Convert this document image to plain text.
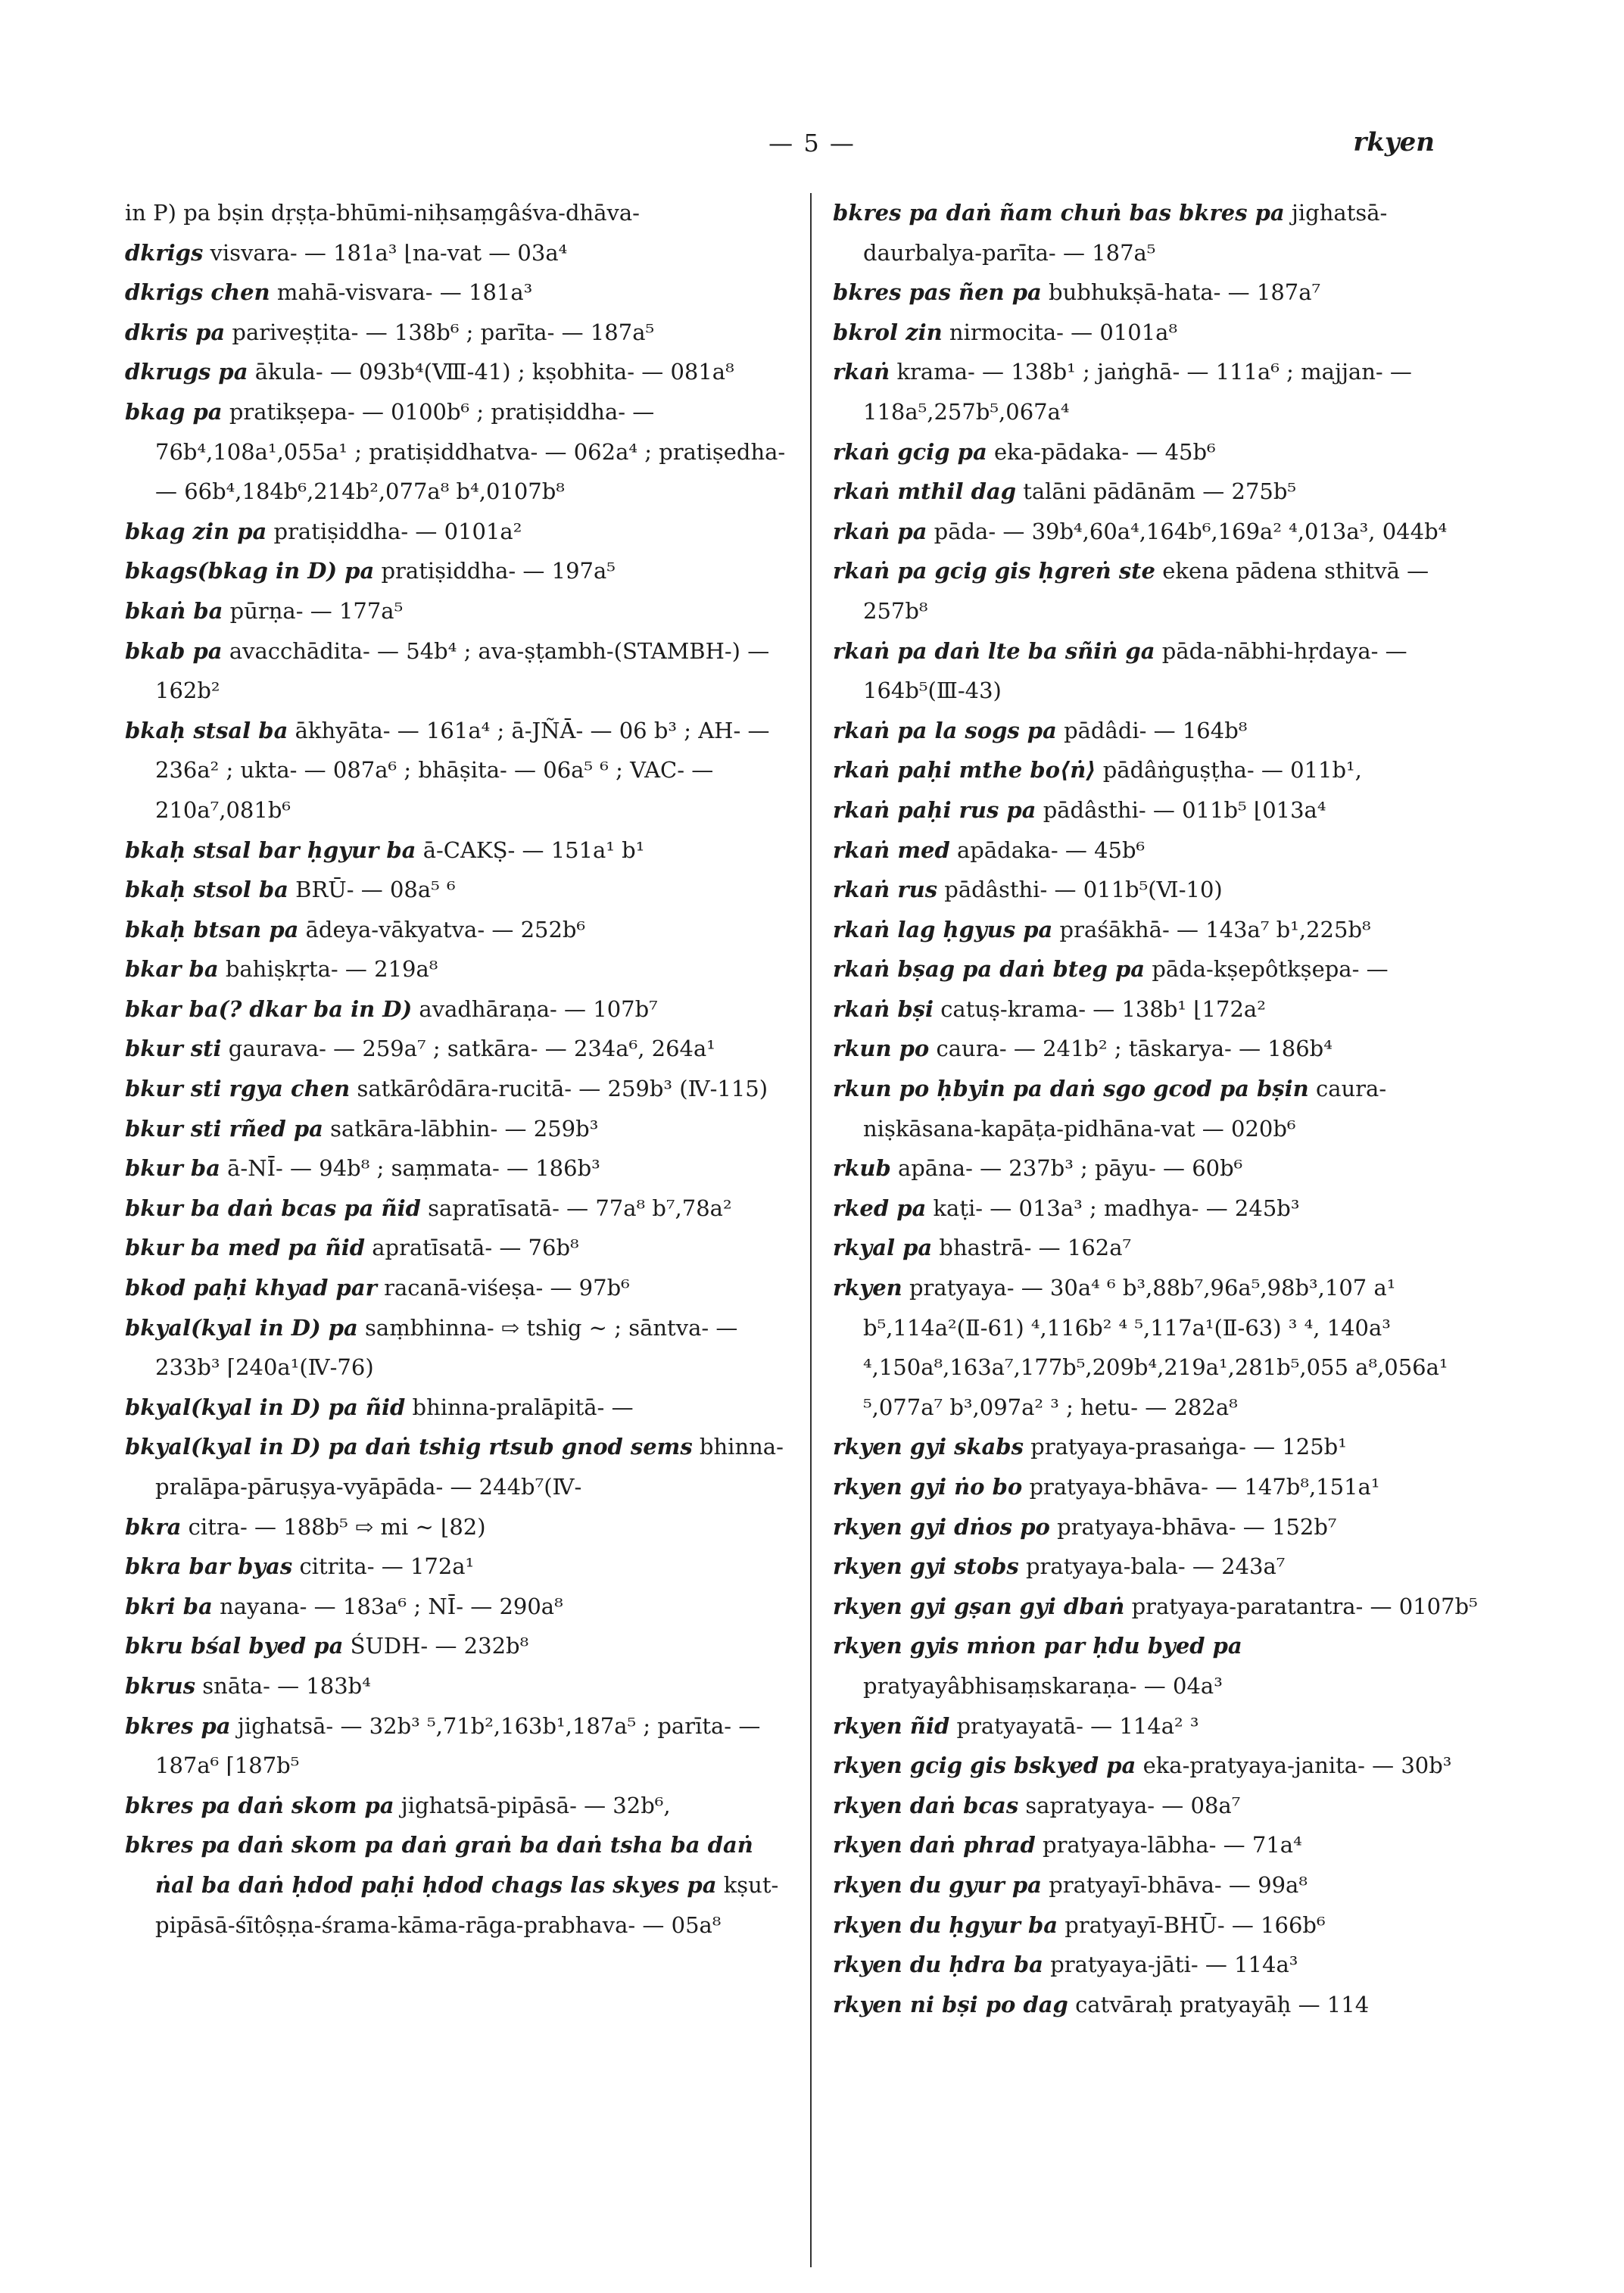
— 5 —	rkyen

in P) pa bṣin dṛṣṭa-bhūmi-niḥsaṃgâśva-dhāva-

dkrigs visvara- — 181a³ ⌊na-vat — 03a⁴

dkrigs chen mahā-visvara- — 181a³

dkris pa pariveṣṭita- — 138b⁶ ; parīta- — 187a⁵

dkrugs pa ākula- — 093b⁴(Ⅷ-41) ; kṣobhita- — 081a⁸

bkag pa pratikṣepa- — 0100b⁶ ; pratiṣiddha- — 76b⁴,108a¹,055a¹ ; pratiṣiddhatva- — 062a⁴ ; pratiṣedha- — 66b⁴,184b⁶,214b²,077a⁸ b⁴,0107b⁸

bkag zin pa pratiṣiddha- — 0101a²

bkags(bkag in D) pa pratiṣiddha- — 197a⁵

bkaṅ ba pūrṇa- — 177a⁵

bkab pa avacchādita- — 54b⁴ ; ava-ṣṭambh-(STAMBH-) — 162b²

bkaḥ stsal ba ākhyāta- — 161a⁴ ; ā-JÑĀ- — 06 b³ ; AH- — 236a² ; ukta- — 087a⁶ ; bhāṣita- — 06a⁵ ⁶ ; VAC- — 210a⁷,081b⁶

bkaḥ stsal bar ḥgyur ba ā-CAKṢ- — 151a¹ b¹

bkaḥ stsol ba BRŪ- — 08a⁵ ⁶

bkaḥ btsan pa ādeya-vākyatva- — 252b⁶

bkar ba bahiṣkṛta- — 219a⁸

bkar ba(? dkar ba in D) avadhāraṇa- — 107b⁷

bkur sti gaurava- — 259a⁷ ; satkāra- — 234a⁶, 264a¹

bkur sti rgya chen satkārôdāra-rucitā- — 259b³ (Ⅳ-115)

bkur sti rñed pa satkāra-lābhin- — 259b³

bkur ba ā-NĪ- — 94b⁸ ; saṃmata- — 186b³

bkur ba daṅ bcas pa ñid sapratīsatā- — 77a⁸ b⁷,78a²

bkur ba med pa ñid apratīsatā- — 76b⁸

bkod paḥi khyad par racanā-viśeṣa- — 97b⁶

bkyal(kyal in D) pa saṃbhinna- ⇨ tshig ∼ ; sāntva- — 233b³ ⌈240a¹(Ⅳ-76)

bkyal(kyal in D) pa ñid bhinna-pralāpitā- —

bkyal(kyal in D) pa daṅ tshig rtsub gnod sems bhinna-pralāpa-pāruṣya-vyāpāda- — 244b⁷(Ⅳ-

bkra citra- — 188b⁵ ⇨ mi ∼ ⌊82)

bkra bar byas citrita- — 172a¹

bkri ba nayana- — 183a⁶ ; NĪ- — 290a⁸

bkru bśal byed pa ŚUDH- — 232b⁸

bkrus snāta- — 183b⁴

bkres pa jighatsā- — 32b³ ⁵,71b²,163b¹,187a⁵ ; parīta- — 187a⁶ ⌈187b⁵

bkres pa daṅ skom pa jighatsā-pipāsā- — 32b⁶,

bkres pa daṅ skom pa daṅ graṅ ba daṅ tsha ba daṅ ṅal ba daṅ ḥdod paḥi ḥdod chags las skyes pa kṣut-pipāsā-śītôṣṇa-śrama-kāma-rāga-prabhava- — 05a⁸

bkres pa daṅ ñam chuṅ bas bkres pa jighatsā-daurbalya-parīta- — 187a⁵

bkres pas ñen pa bubhukṣā-hata- — 187a⁷

bkrol zin nirmocita- — 0101a⁸

rkaṅ krama- — 138b¹ ; jaṅghā- — 111a⁶ ; majjan- — 118a⁵,257b⁵,067a⁴

rkaṅ gcig pa eka-pādaka- — 45b⁶

rkaṅ mthil dag talāni pādānām — 275b⁵

rkaṅ pa pāda- — 39b⁴,60a⁴,164b⁶,169a² ⁴,013a³, 044b⁴

rkaṅ pa gcig gis ḥgreṅ ste ekena pādena sthitvā — 257b⁸

rkaṅ pa daṅ lte ba sñiṅ ga pāda-nābhi-hṛdaya- — 164b⁵(Ⅲ-43)

rkaṅ pa la sogs pa pādâdi- — 164b⁸

rkaṅ paḥi mthe bo⟨ṅ⟩ pādâṅguṣṭha- — 011b¹,

rkaṅ paḥi rus pa pādâsthi- — 011b⁵ ⌊013a⁴

rkaṅ med apādaka- — 45b⁶

rkaṅ rus pādâsthi- — 011b⁵(Ⅵ-10)

rkaṅ lag ḥgyus pa praśākhā- — 143a⁷ b¹,225b⁸

rkaṅ bṣag pa daṅ bteg pa pāda-kṣepôtkṣepa- —

rkaṅ bṣi catuṣ-krama- — 138b¹ ⌊172a²

rkun po caura- — 241b² ; tāskarya- — 186b⁴

rkun po ḥbyin pa daṅ sgo gcod pa bṣin caura-niṣkāsana-kapāṭa-pidhāna-vat — 020b⁶

rkub apāna- — 237b³ ; pāyu- — 60b⁶

rked pa kaṭi- — 013a³ ; madhya- — 245b³

rkyal pa bhastrā- — 162a⁷

rkyen pratyaya- — 30a⁴ ⁶ b³,88b⁷,96a⁵,98b³,107 a¹ b⁵,114a²(Ⅱ-61) ⁴,116b² ⁴ ⁵,117a¹(Ⅱ-63) ³ ⁴, 140a³ ⁴,150a⁸,163a⁷,177b⁵,209b⁴,219a¹,281b⁵,055 a⁸,056a¹ ⁵,077a⁷ b³,097a² ³ ; hetu- — 282a⁸

rkyen gyi skabs pratyaya-prasaṅga- — 125b¹

rkyen gyi ṅo bo pratyaya-bhāva- — 147b⁸,151a¹

rkyen gyi dṅos po pratyaya-bhāva- — 152b⁷

rkyen gyi stobs pratyaya-bala- — 243a⁷

rkyen gyi gṣan gyi dbaṅ pratyaya-paratantra- — 0107b⁵

rkyen gyis mṅon par ḥdu byed pa pratyayâbhisaṃskaraṇa- — 04a³

rkyen ñid pratyayatā- — 114a² ³

rkyen gcig gis bskyed pa eka-pratyaya-janita- — 30b³

rkyen daṅ bcas sapratyaya- — 08a⁷

rkyen daṅ phrad pratyaya-lābha- — 71a⁴

rkyen du gyur pa pratyayī-bhāva- — 99a⁸

rkyen du ḥgyur ba pratyayī-BHŪ- — 166b⁶

rkyen du ḥdra ba pratyaya-jāti- — 114a³

rkyen ni bṣi po dag catvāraḥ pratyayāḥ — 114
